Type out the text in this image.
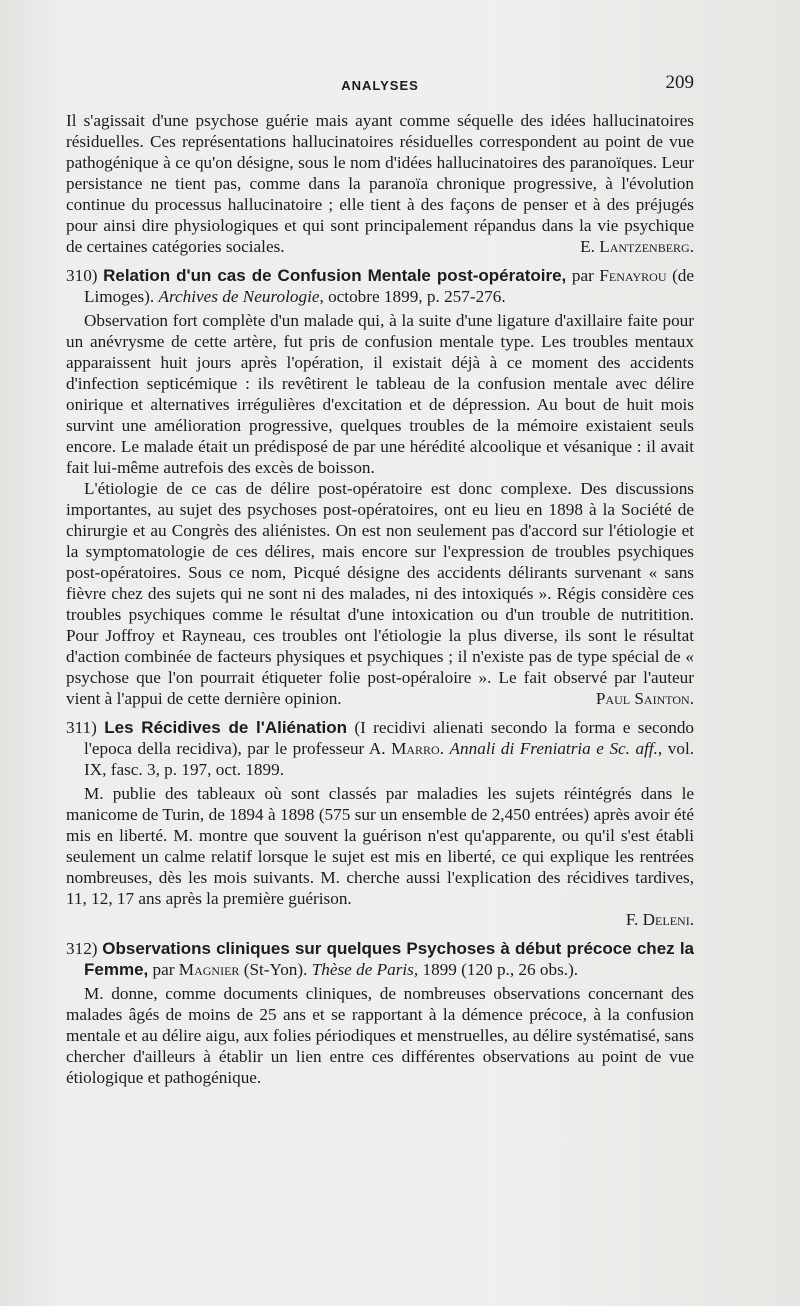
ANALYSES	209

Il s'agissait d'une psychose guérie mais ayant comme séquelle des idées hallucinatoires résiduelles. Ces représentations hallucinatoires résiduelles correspondent au point de vue pathogénique à ce qu'on désigne, sous le nom d'idées hallucinatoires des paranoïques. Leur persistance ne tient pas, comme dans la paranoïa chronique progressive, à l'évolution continue du processus hallucinatoire ; elle tient à des façons de penser et à des préjugés pour ainsi dire physiologiques et qui sont principalement répandus dans la vie psychique de certaines catégories sociales.	E. Lantzenberg.

310) Relation d'un cas de Confusion Mentale post-opératoire, par Fenayrou (de Limoges). Archives de Neurologie, octobre 1899, p. 257-276.

Observation fort complète d'un malade qui, à la suite d'une ligature d'axillaire faite pour un anévrysme de cette artère, fut pris de confusion mentale type. Les troubles mentaux apparaissent huit jours après l'opération, il existait déjà à ce moment des accidents d'infection septicémique : ils revêtirent le tableau de la confusion mentale avec délire onirique et alternatives irrégulières d'excitation et de dépression. Au bout de huit mois survint une amélioration progressive, quelques troubles de la mémoire existaient seuls encore. Le malade était un prédisposé de par une hérédité alcoolique et vésanique : il avait fait lui-même autrefois des excès de boisson.

L'étiologie de ce cas de délire post-opératoire est donc complexe. Des discussions importantes, au sujet des psychoses post-opératoires, ont eu lieu en 1898 à la Société de chirurgie et au Congrès des aliénistes. On est non seulement pas d'accord sur l'étiologie et la symptomatologie de ces délires, mais encore sur l'expression de troubles psychiques post-opératoires. Sous ce nom, Picqué désigne des accidents délirants survenant « sans fièvre chez des sujets qui ne sont ni des malades, ni des intoxiqués ». Régis considère ces troubles psychiques comme le résultat d'une intoxication ou d'un trouble de nutritition. Pour Joffroy et Rayneau, ces troubles ont l'étiologie la plus diverse, ils sont le résultat d'action combinée de facteurs physiques et psychiques ; il n'existe pas de type spécial de « psychose que l'on pourrait étiqueter folie post-opéraloire ». Le fait observé par l'auteur vient à l'appui de cette dernière opinion.	Paul Sainton.

311) Les Récidives de l'Aliénation (I recidivi alienati secondo la forma e secondo l'epoca della recidiva), par le professeur A. Marro. Annali di Freniatria e Sc. aff., vol. IX, fasc. 3, p. 197, oct. 1899.

M. publie des tableaux où sont classés par maladies les sujets réintégrés dans le manicome de Turin, de 1894 à 1898 (575 sur un ensemble de 2,450 entrées) après avoir été mis en liberté. M. montre que souvent la guérison n'est qu'apparente, ou qu'il s'est établi seulement un calme relatif lorsque le sujet est mis en liberté, ce qui explique les rentrées nombreuses, dès les mois suivants. M. cherche aussi l'explication des récidives tardives, 11, 12, 17 ans après la première guérison.

F. Deleni.

312) Observations cliniques sur quelques Psychoses à début précoce chez la Femme, par Magnier (St-Yon). Thèse de Paris, 1899 (120 p., 26 obs.).

M. donne, comme documents cliniques, de nombreuses observations concernant des malades âgés de moins de 25 ans et se rapportant à la démence précoce, à la confusion mentale et au délire aigu, aux folies périodiques et menstruelles, au délire systématisé, sans chercher d'ailleurs à établir un lien entre ces différentes observations au point de vue étiologique et pathogénique.
